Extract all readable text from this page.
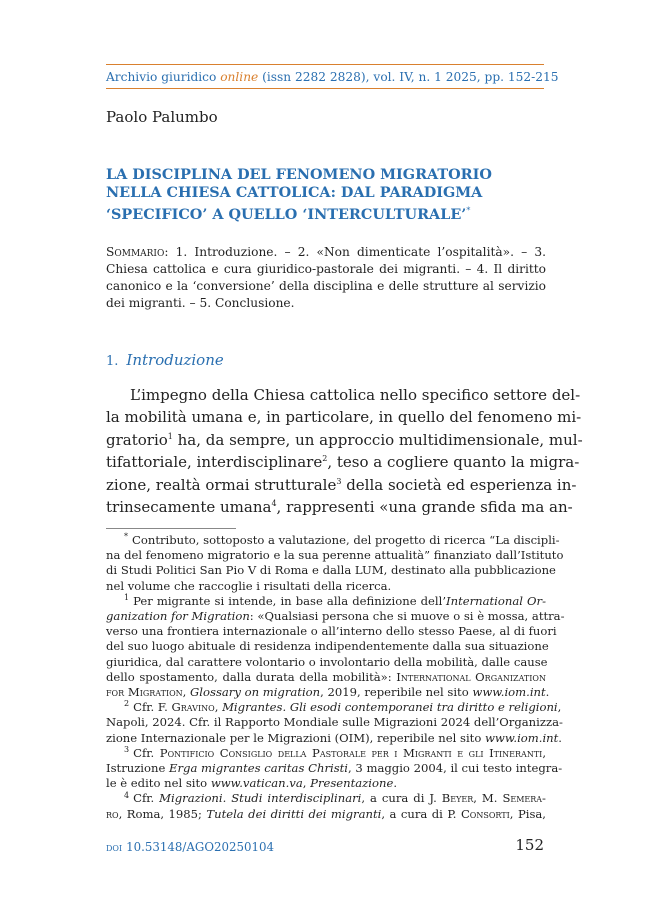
Archivio giuridico online (issn 2282 2828), vol. IV, n. 1 2025, pp. 152-215
Paolo Palumbo
LA DISCIPLINA DEL FENOMENO MIGRATORIO
NELLA CHIESA CATTOLICA: DAL PARADIGMA
‘SPECIFICO’ A QUELLO ‘INTERCULTURALE’*
Sommario: 1. Introduzione. – 2. «Non dimenticate l’ospitalità». – 3. Chiesa cattolica e cura giuridico-pastorale dei migranti. – 4. Il diritto canonico e la ‘conversione’ della disciplina e delle strutture al servizio dei migranti. – 5. Conclusione.
1. Introduzione
L’impegno della Chiesa cattolica nello specifico settore del-
la mobilità umana e, in particolare, in quello del fenomeno mi-
gratorio$^1$ ha, da sempre, un approccio multidimensionale, mul-
tifattoriale, interdisciplinare$^2$, teso a cogliere quanto la migra-
zione, realtà ormai strutturale$^3$ della società ed esperienza in-
trinsecamente umana$^4$, rappresenti «una grande sfida ma an-
* Contributo, sottoposto a valutazione, del progetto di ricerca “La discipli-
na del fenomeno migratorio e la sua perenne attualità” finanziato dall’Istituto
di Studi Politici San Pio V di Roma e dalla LUM, destinato alla pubblicazione
nel volume che raccoglie i risultati della ricerca.
$^1$ Per migrante si intende, in base alla definizione dell’International Or-
ganization for Migration: «Qualsiasi persona che si muove o si è mossa, attra-
verso una frontiera internazionale o all’interno dello stesso Paese, al di fuori
del suo luogo abituale di residenza indipendentemente dalla sua situazione
giuridica, dal carattere volontario o involontario della mobilità, dalle cause
dello spostamento, dalla durata della mobilità»: International Organization
for Migration, Glossary on migration, 2019, reperibile nel sito www.iom.int.
$^2$ Cfr. F. Gravino, Migrantes. Gli esodi contemporanei tra diritto e religioni,
Napoli, 2024. Cfr. il Rapporto Mondiale sulle Migrazioni 2024 dell’Organizza-
zione Internazionale per le Migrazioni (OIM), reperibile nel sito www.iom.int.
$^3$ Cfr. Pontificio Consiglio della Pastorale per i Migranti e gli Itineranti,
Istruzione Erga migrantes caritas Christi, 3 maggio 2004, il cui testo integra-
le è edito nel sito www.vatican.va, Presentazione.
$^4$ Cfr. Migrazioni. Studi interdisciplinari, a cura di J. Beyer, M. Semera-
ro, Roma, 1985; Tutela dei diritti dei migranti, a cura di P. Consorti, Pisa,
doi 10.53148/AGO20250104	152
